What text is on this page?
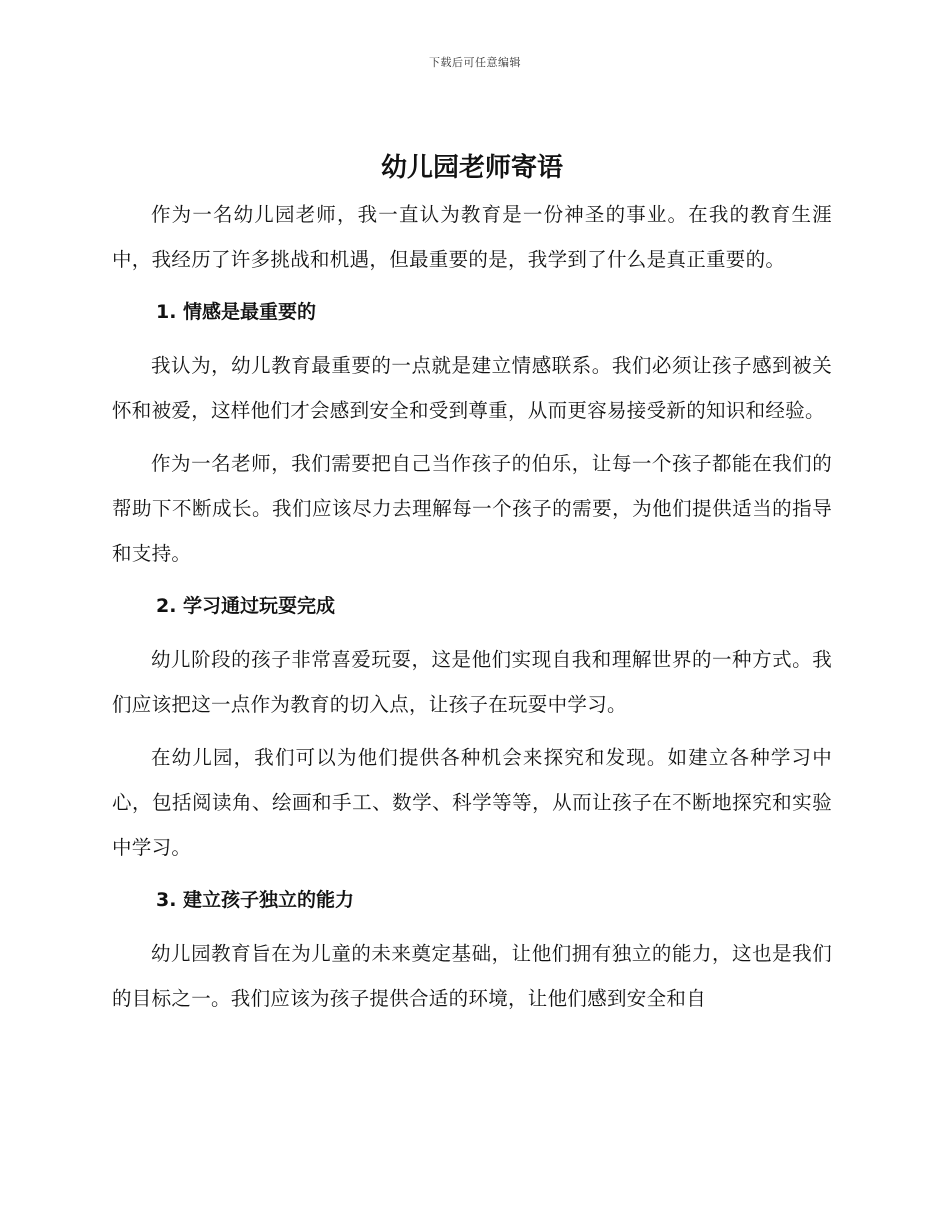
下载后可任意编辑
幼儿园老师寄语

作为一名幼儿园老师，我一直认为教育是一份神圣的事业。在我的教育生涯中，我经历了许多挑战和机遇，但最重要的是，我学到了什么是真正重要的。

1. 情感是最重要的

我认为，幼儿教育最重要的一点就是建立情感联系。我们必须让孩子感到被关怀和被爱，这样他们才会感到安全和受到尊重，从而更容易接受新的知识和经验。

作为一名老师，我们需要把自己当作孩子的伯乐，让每一个孩子都能在我们的帮助下不断成长。我们应该尽力去理解每一个孩子的需要，为他们提供适当的指导和支持。

2. 学习通过玩耍完成

幼儿阶段的孩子非常喜爱玩耍，这是他们实现自我和理解世界的一种方式。我们应该把这一点作为教育的切入点，让孩子在玩耍中学习。

在幼儿园，我们可以为他们提供各种机会来探究和发现。如建立各种学习中心，包括阅读角、绘画和手工、数学、科学等等，从而让孩子在不断地探究和实验中学习。

3. 建立孩子独立的能力

幼儿园教育旨在为儿童的未来奠定基础，让他们拥有独立的能力，这也是我们的目标之一。我们应该为孩子提供合适的环境，让他们感到安全和自
